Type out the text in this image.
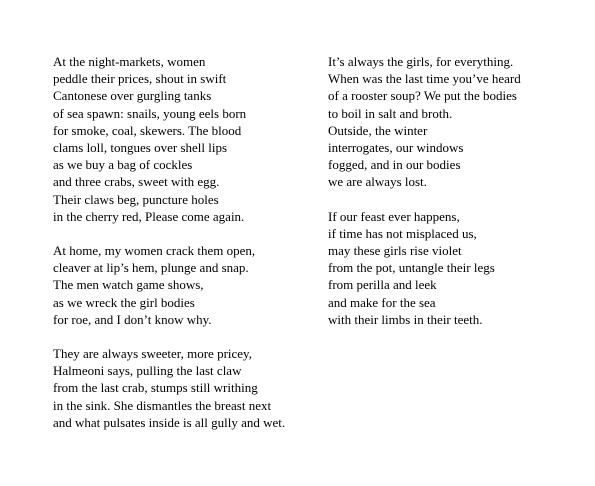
At the night-markets, women
peddle their prices, shout in swift
Cantonese over gurgling tanks
of sea spawn: snails, young eels born
for smoke, coal, skewers. The blood
clams loll, tongues over shell lips
as we buy a bag of cockles
and three crabs, sweet with egg.
Their claws beg, puncture holes
in the cherry red, Please come again.
At home, my women crack them open,
cleaver at lip’s hem, plunge and snap.
The men watch game shows,
as we wreck the girl bodies
for roe, and I don’t know why.
They are always sweeter, more pricey,
Halmeoni says, pulling the last claw
from the last crab, stumps still writhing
in the sink. She dismantles the breast next
and what pulsates inside is all gully and wet.
It’s always the girls, for everything.
When was the last time you’ve heard
of a rooster soup? We put the bodies
to boil in salt and broth.
Outside, the winter
interrogates, our windows
fogged, and in our bodies
we are always lost.
If our feast ever happens,
if time has not misplaced us,
may these girls rise violet
from the pot, untangle their legs
from perilla and leek
and make for the sea
with their limbs in their teeth.
